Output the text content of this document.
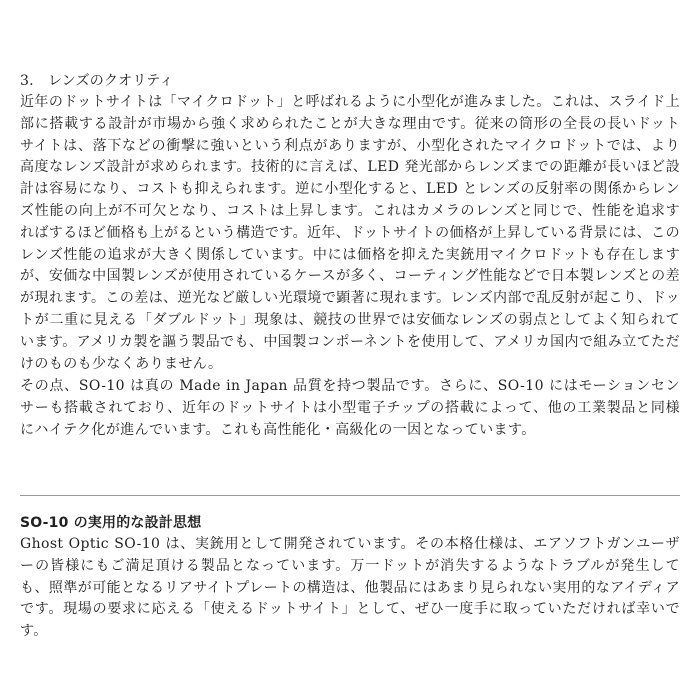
3.　レンズのクオリティ

近年のドットサイトは「マイクロドット」と呼ばれるように小型化が進みました。これは、スライド上部に搭載する設計が市場から強く求められたことが大きな理由です。従来の筒形の全長の長いドットサイトは、落下などの衝撃に強いという利点がありますが、小型化されたマイクロドットでは、より高度なレンズ設計が求められます。技術的に言えば、LED 発光部からレンズまでの距離が長いほど設計は容易になり、コストも抑えられます。逆に小型化すると、LED とレンズの反射率の関係からレンズ性能の向上が不可欠となり、コストは上昇します。これはカメラのレンズと同じで、性能を追求すればするほど価格も上がるという構造です。近年、ドットサイトの価格が上昇している背景には、このレンズ性能の追求が大きく関係しています。中には価格を抑えた実銃用マイクロドットも存在しますが、安価な中国製レンズが使用されているケースが多く、コーティング性能などで日本製レンズとの差が現れます。この差は、逆光など厳しい光環境で顕著に現れます。レンズ内部で乱反射が起こり、ドットが二重に見える「ダブルドット」現象は、競技の世界では安価なレンズの弱点としてよく知られています。アメリカ製を謳う製品でも、中国製コンポーネントを使用して、アメリカ国内で組み立てただけのものも少なくありません。

その点、SO-10 は真の Made in Japan 品質を持つ製品です。さらに、SO-10 にはモーションセンサーも搭載されており、近年のドットサイトは小型電子チップの搭載によって、他の工業製品と同様にハイテク化が進んでいます。これも高性能化・高級化の一因となっています。

SO-10 の実用的な設計思想

Ghost Optic SO-10 は、実銃用として開発されています。その本格仕様は、エアソフトガンユーザーの皆様にもご満足頂ける製品となっています。万一ドットが消失するようなトラブルが発生しても、照準が可能となるリアサイトプレートの構造は、他製品にはあまり見られない実用的なアイディアです。現場の要求に応える「使えるドットサイト」として、ぜひ一度手に取っていただければ幸いです。
